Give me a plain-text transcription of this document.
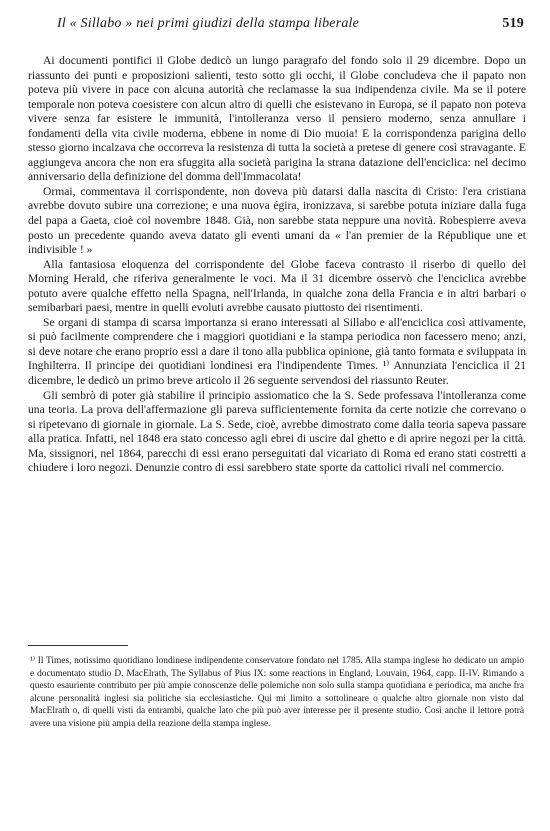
Il « Sillabo » nei primi giudizi della stampa liberale	519

Ai documenti pontifici il Globe dedicò un lungo paragrafo del fondo solo il 29 dicembre. Dopo un riassunto dei punti e proposizioni salienti, testo sotto gli occhi, il Globe concludeva che il papato non poteva più vivere in pace con alcuna autorità che reclamasse la sua indipendenza civile. Ma se il potere temporale non poteva coesistere con alcun altro di quelli che esistevano in Europa, se il papato non poteva vivere senza far esistere le immunità, l'intolleranza verso il pensiero moderno, senza annullare i fondamenti della vita civile moderna, ebbene in nome di Dio muoia! E la corrispondenza parigina dello stesso giorno incalzava che occorreva la resistenza di tutta la società a pretese di genere così stravagante. E aggiungeva ancora che non era sfuggita alla società parigina la strana datazione dell'enciclica: nel decimo anniversario della definizione del domma dell'Immacolata!

Ormai, commentava il corrispondente, non doveva più datarsi dalla nascita di Cristo: l'era cristiana avrebbe dovuto subire una correzione; e una nuova égira, ironizzava, si sarebbe potuta iniziare dalla fuga del papa a Gaeta, cioè col novembre 1848. Già, non sarebbe stata neppure una novità. Robespierre aveva posto un precedente quando aveva datato gli eventi umani da « l'an premier de la République une et indivisible ! »

Alla fantasiosa eloquenza del corrispondente del Globe faceva contrasto il riserbo di quello del Morning Herald, che riferiva generalmente le voci. Ma il 31 dicembre osservò che l'enciclica avrebbe potuto avere qualche effetto nella Spagna, nell'Irlanda, in qualche zona della Francia e in altri barbari o semibarbari paesi, mentre in quelli evoluti avrebbe causato piuttosto dei risentimenti.

Se organi di stampa di scarsa importanza si erano interessati al Sillabo e all'enciclica così attivamente, si può facilmente comprendere che i maggiori quotidiani e la stampa periodica non facessero meno; anzi, si deve notare che erano proprio essi a dare il tono alla pubblica opinione, già tanto formata e sviluppata in Inghilterra. Il principe dei quotidiani londinesi era l'indipendente Times. ¹⁾ Annunziata l'enciclica il 21 dicembre, le dedicò un primo breve articolo il 26 seguente servendosi del riassunto Reuter.

Gli sembrò di poter già stabilire il principio assiomatico che la S. Sede professava l'intolleranza come una teoria. La prova dell'affermazione gli pareva sufficientemente fornita da certe notizie che correvano o si ripetevano di giornale in giornale. La S. Sede, cioè, avrebbe dimostrato come dalla teoria sapeva passare alla pratica. Infatti, nel 1848 era stato concesso agli ebrei di uscire dal ghetto e di aprire negozi per la città. Ma, sissignori, nel 1864, parecchi di essi erano perseguitati dal vicariato di Roma ed erano stati costretti a chiudere i loro negozi. Denunzie contro di essi sarebbero state sporte da cattolici rivali nel commercio.

¹⁾ Il Times, notissimo quotidiano londinese indipendente conservatore fondato nel 1785. Alla stampa inglese ho dedicato un ampio e documentato studio D. MacElrath, The Syllabus of Pius IX: some reactions in England, Louvain, 1964, capp. II-IV. Rimando a questo esauriente contributo per più ampie conoscenze delle polemiche non solo sulla stampa quotidiana e periodica, ma anche fra alcune personalità inglesi sia politiche sia ecclesiastiche. Qui mi limito a sottolineare o qualche altro giornale non visto dal MacElrath o, di quelli visti da entrambi, qualche lato che più può aver interesse per il presente studio. Così anche il lettore potrà avere una visione più ampia della reazione della stampa inglese.
